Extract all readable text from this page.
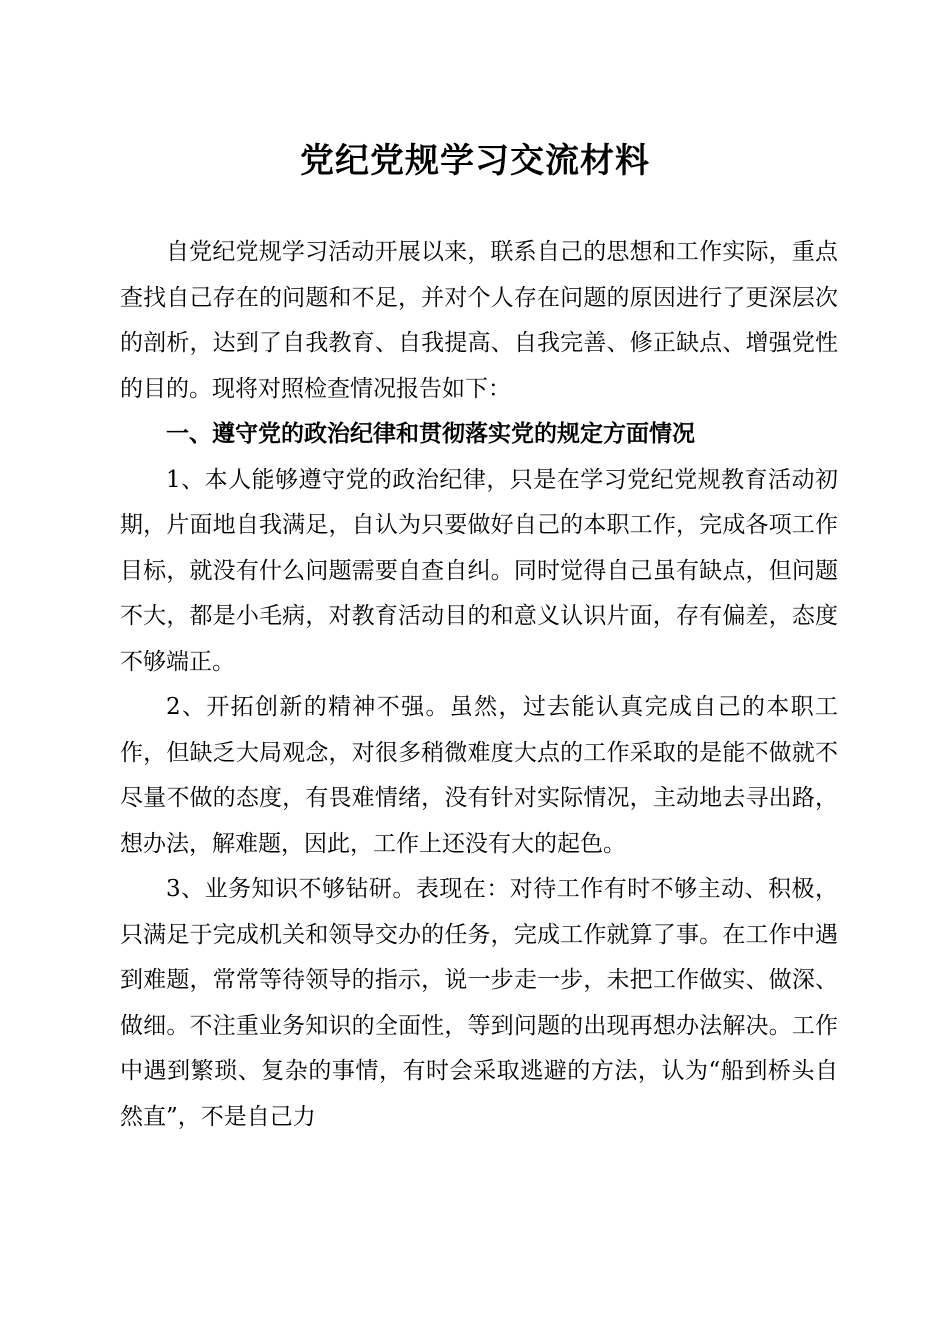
党纪党规学习交流材料

自党纪党规学习活动开展以来，联系自己的思想和工作实际，重点查找自己存在的问题和不足，并对个人存在问题的原因进行了更深层次的剖析，达到了自我教育、自我提高、自我完善、修正缺点、增强党性的目的。现将对照检查情况报告如下：

一、遵守党的政治纪律和贯彻落实党的规定方面情况

1、本人能够遵守党的政治纪律，只是在学习党纪党规教育活动初期，片面地自我满足，自认为只要做好自己的本职工作，完成各项工作目标，就没有什么问题需要自查自纠。同时觉得自己虽有缺点，但问题不大，都是小毛病，对教育活动目的和意义认识片面，存有偏差，态度不够端正。

2、开拓创新的精神不强。虽然，过去能认真完成自己的本职工作，但缺乏大局观念，对很多稍微难度大点的工作采取的是能不做就不尽量不做的态度，有畏难情绪，没有针对实际情况，主动地去寻出路，想办法，解难题，因此，工作上还没有大的起色。

3、业务知识不够钻研。表现在：对待工作有时不够主动、积极，只满足于完成机关和领导交办的任务，完成工作就算了事。在工作中遇到难题，常常等待领导的指示，说一步走一步，未把工作做实、做深、做细。不注重业务知识的全面性，等到问题的出现再想办法解决。工作中遇到繁琐、复杂的事情，有时会采取逃避的方法，认为“船到桥头自然直”，不是自己力
